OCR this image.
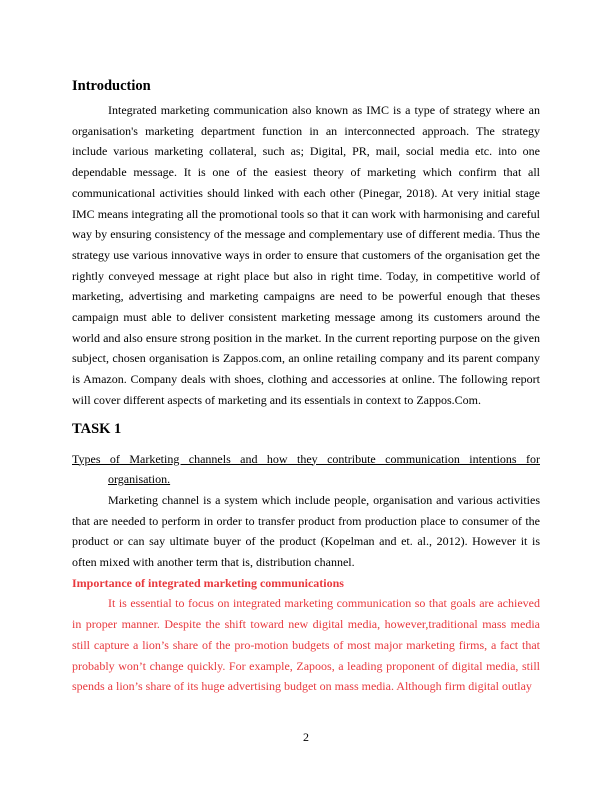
Introduction

Integrated marketing communication also known as IMC is a type of strategy where an organisation's marketing department function in an interconnected approach. The strategy include various marketing collateral, such as; Digital, PR, mail, social media etc. into one dependable message. It is one of the easiest theory of marketing which confirm that all communicational activities should linked with each other (Pinegar, 2018). At very initial stage IMC means integrating all the promotional tools so that it can work with harmonising and careful way by ensuring consistency of the message and complementary use of different media. Thus the strategy use various innovative ways in order to ensure that customers of the organisation get the rightly conveyed message at right place but also in right time. Today, in competitive world of marketing, advertising and marketing campaigns are need to be powerful enough that theses campaign must able to deliver consistent marketing message among its customers around the world and also ensure strong position in the market. In the current reporting purpose on the given subject, chosen organisation is Zappos.com, an online retailing company and its parent company is Amazon. Company deals with shoes, clothing and accessories at online. The following report will cover different aspects of marketing and its essentials in context to Zappos.Com.

TASK 1

Types of Marketing channels and how they contribute communication intentions for organisation.

Marketing channel is a system which include people, organisation and various activities that are needed to perform in order to transfer product from production place to consumer of the product or can say ultimate buyer of the product (Kopelman and et. al., 2012). However it is often mixed with another term that is, distribution channel.

Importance of integrated marketing communications

It is essential to focus on integrated marketing communication so that goals are achieved in proper manner. Despite the shift toward new digital media, however,traditional mass media still capture a lion’s share of the pro-motion budgets of most major marketing firms, a fact that probably won’t change quickly. For example, Zapoos, a leading proponent of digital media, still spends a lion’s share of its huge advertising budget on mass media. Although firm digital outlay

2
